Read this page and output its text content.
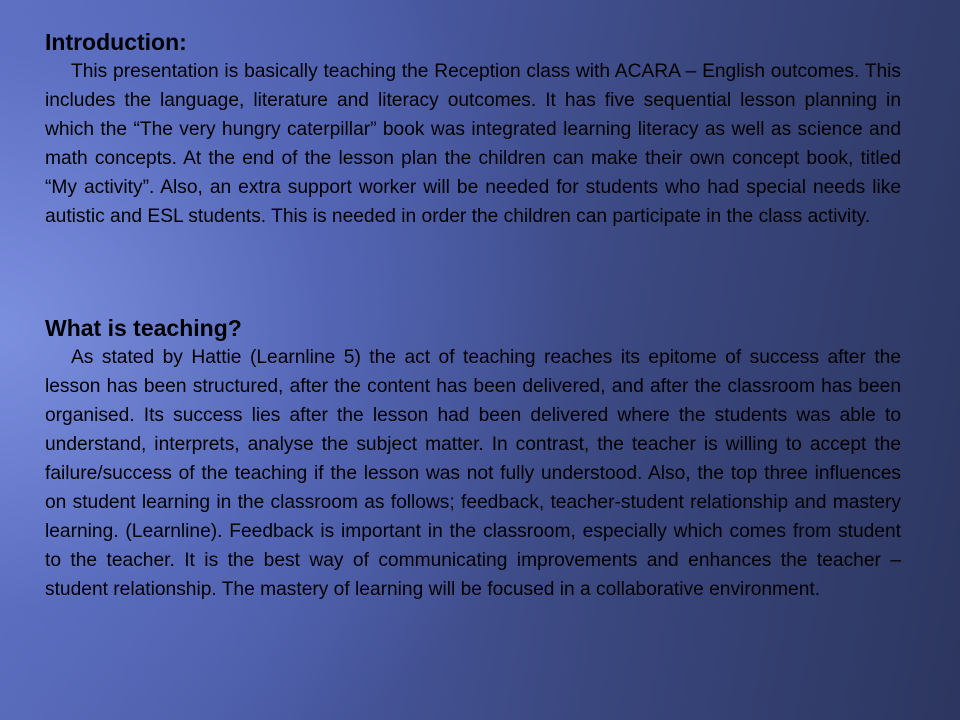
Introduction:

This presentation is basically teaching the Reception class with ACARA – English outcomes. This includes the language, literature and literacy outcomes. It has five sequential lesson planning in which the “The very hungry caterpillar” book was integrated learning literacy as well as science and math concepts. At the end of the lesson plan the children can make their own concept book, titled “My activity”. Also, an extra support worker will be needed for students who had special needs like autistic and ESL students. This is needed in order the children can participate in the class activity.

What is teaching?

As stated by Hattie (Learnline 5) the act of teaching reaches its epitome of success after the lesson has been structured, after the content has been delivered, and after the classroom has been organised. Its success lies after the lesson had been delivered where the students was able to understand, interprets, analyse the subject matter. In contrast, the teacher is willing to accept the failure/success of the teaching if the lesson was not fully understood. Also, the top three influences on student learning in the classroom as follows; feedback, teacher-student relationship and mastery learning. (Learnline). Feedback is important in the classroom, especially which comes from student to the teacher. It is the best way of communicating improvements and enhances the teacher –student relationship. The mastery of learning will be focused in a collaborative environment.
